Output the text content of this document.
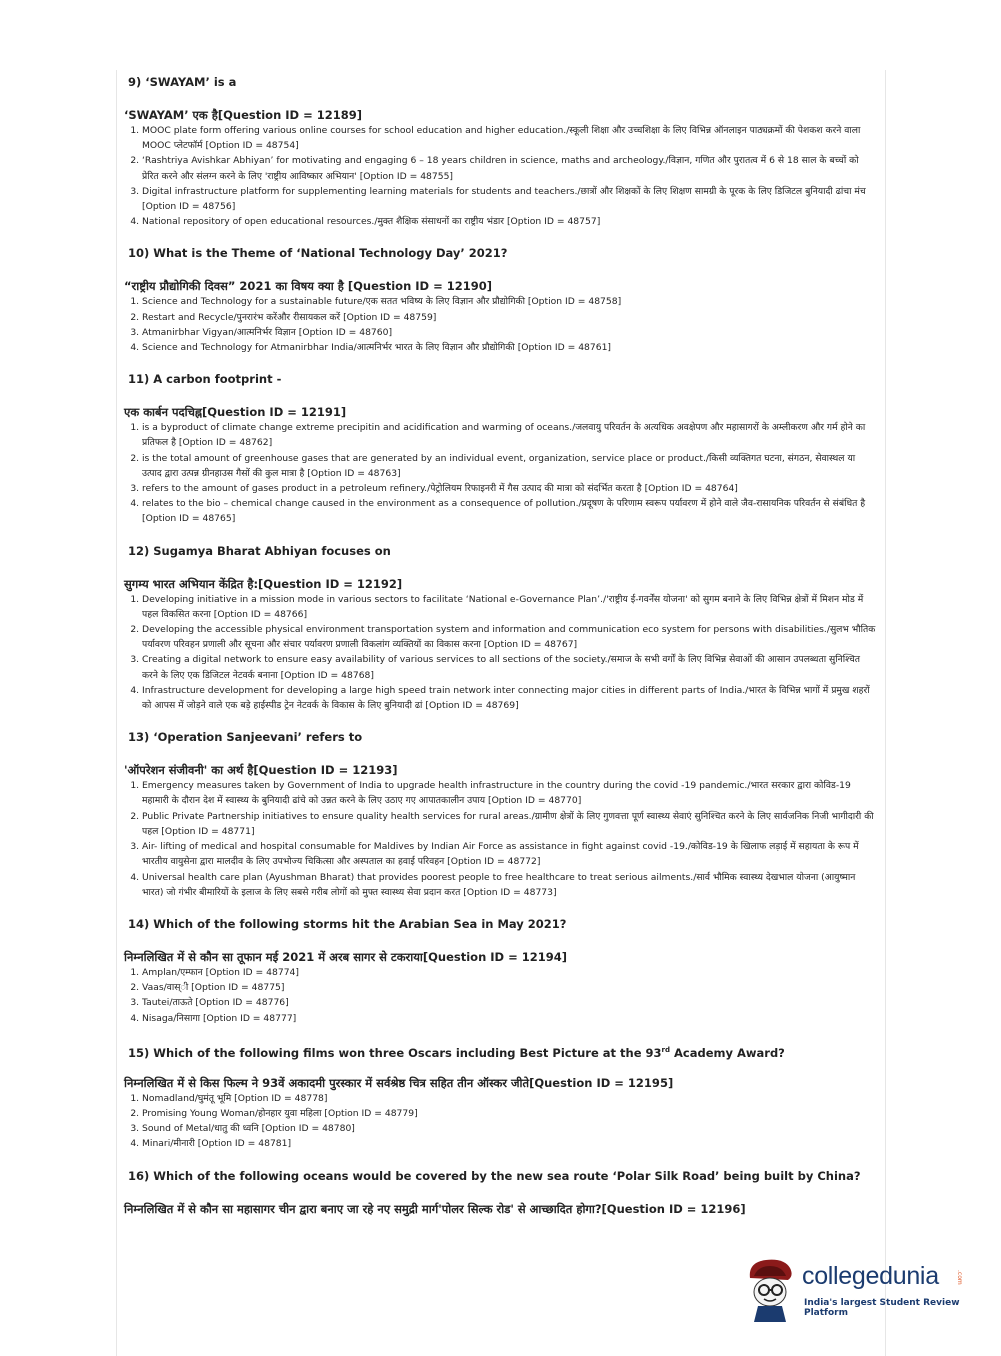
9) ‘SWAYAM’ is a
‘SWAYAM’ एक है[Question ID = 12189]
1. MOOC plate form offering various online courses for school education and higher education./स्कूली शिक्षा और उच्चशिक्षा के लिए विभिन्न ऑनलाइन पाठ्यक्रमों की पेशकश करने वाला MOOC प्लेटफॉर्म [Option ID = 48754]
2. ‘Rashtriya Avishkar Abhiyan’ for motivating and engaging 6 – 18 years children in science, maths and archeology./विज्ञान, गणित और पुरातत्व में 6 से 18 साल के बच्चों को प्रेरित करने और संलग्न करने के लिए 'राष्ट्रीय आविष्कार अभियान' [Option ID = 48755]
3. Digital infrastructure platform for supplementing learning materials for students and teachers./छात्रों और शिक्षकों के लिए शिक्षण सामग्री के पूरक के लिए डिजिटल बुनियादी ढांचा मंच [Option ID = 48756]
4. National repository of open educational resources./मुक्त शैक्षिक संसाधनों का राष्ट्रीय भंडार [Option ID = 48757]
10) What is the Theme of ‘National Technology Day’ 2021?
“राष्ट्रीय प्रौद्योगिकी दिवस” 2021 का विषय क्या है [Question ID = 12190]
1. Science and Technology for a sustainable future/एक सतत भविष्य के लिए विज्ञान और प्रौद्योगिकी [Option ID = 48758]
2. Restart and Recycle/पुनरारंभ करेंऔर रीसायकल करें [Option ID = 48759]
3. Atmanirbhar Vigyan/आत्मनिर्भर विज्ञान [Option ID = 48760]
4. Science and Technology for Atmanirbhar India/आत्मनिर्भर भारत के लिए विज्ञान और प्रौद्योगिकी [Option ID = 48761]
11) A carbon footprint -
एक कार्बन पदचिह्न[Question ID = 12191]
1. is a byproduct of climate change extreme precipitin and acidification and warming of oceans./जलवायु परिवर्तन के अत्यधिक अवक्षेपण और महासागरों के अम्लीकरण और गर्म होने का प्रतिफल है [Option ID = 48762]
2. is the total amount of greenhouse gases that are generated by an individual event, organization, service place or product./किसी व्यक्तिगत घटना, संगठन, सेवास्थल या उत्पाद द्वारा उत्पन्न ग्रीनहाउस गैसों की कुल मात्रा है [Option ID = 48763]
3. refers to the amount of gases product in a petroleum refinery./पेट्रोलियम रिफाइनरी में गैस उत्पाद की मात्रा को संदर्भित करता है [Option ID = 48764]
4. relates to the bio – chemical change caused in the environment as a consequence of pollution./प्रदूषण के परिणाम स्वरूप पर्यावरण में होने वाले जैव-रासायनिक परिवर्तन से संबंधित है [Option ID = 48765]
12) Sugamya Bharat Abhiyan focuses on
सुगम्य भारत अभियान केंद्रित है:[Question ID = 12192]
1. Developing initiative in a mission mode in various sectors to facilitate ‘National e-Governance Plan’./'राष्ट्रीय ई-गवर्नेंस योजना' को सुगम बनाने के लिए विभिन्न क्षेत्रों में मिशन मोड में पहल विकसित करना [Option ID = 48766]
2. Developing the accessible physical environment transportation system and information and communication eco system for persons with disabilities./सुलभ भौतिक पर्यावरण परिवहन प्रणाली और सूचना और संचार पर्यावरण प्रणाली विकलांग व्यक्तियों का विकास करना [Option ID = 48767]
3. Creating a digital network to ensure easy availability of various services to all sections of the society./समाज के सभी वर्गों के लिए विभिन्न सेवाओं की आसान उपलब्धता सुनिश्चित करने के लिए एक डिजिटल नेटवर्क बनाना [Option ID = 48768]
4. Infrastructure development for developing a large high speed train network inter connecting major cities in different parts of India./भारत के विभिन्न भागों में प्रमुख शहरों को आपस में जोड़ने वाले एक बड़े हाईस्पीड ट्रेन नेटवर्क के विकास के लिए बुनियादी ढां [Option ID = 48769]
13) ‘Operation Sanjeevani’ refers to
'ऑपरेशन संजीवनी' का अर्थ है[Question ID = 12193]
1. Emergency measures taken by Government of India to upgrade health infrastructure in the country during the covid -19 pandemic./भारत सरकार द्वारा कोविड-19 महामारी के दौरान देश में स्वास्थ्य के बुनियादी ढांचे को उन्नत करने के लिए उठाए गए आपातकालीन उपाय [Option ID = 48770]
2. Public Private Partnership initiatives to ensure quality health services for rural areas./ग्रामीण क्षेत्रों के लिए गुणवत्ता पूर्ण स्वास्थ्य सेवाएं सुनिश्चित करने के लिए सार्वजनिक निजी भागीदारी की पहल [Option ID = 48771]
3. Air- lifting of medical and hospital consumable for Maldives by Indian Air Force as assistance in fight against covid -19./कोविड-19 के खिलाफ लड़ाई में सहायता के रूप में भारतीय वायुसेना द्वारा मालदीव के लिए उपभोज्य चिकित्सा और अस्पताल का हवाई परिवहन [Option ID = 48772]
4. Universal health care plan (Ayushman Bharat) that provides poorest people to free healthcare to treat serious ailments./सार्व भौमिक स्वास्थ्य देखभाल योजना (आयुष्मान भारत) जो गंभीर बीमारियों के इलाज के लिए सबसे गरीब लोगों को मुफ्त स्वास्थ्य सेवा प्रदान करत [Option ID = 48773]
14) Which of the following storms hit the Arabian Sea in May 2021?
निम्नलिखित में से कौन सा तूफान मई 2021 में अरब सागर से टकराया[Question ID = 12194]
1. Amplan/एम्फान [Option ID = 48774]
2. Vaas/वास्ी [Option ID = 48775]
3. Tautei/ताऊते [Option ID = 48776]
4. Nisaga/निसागा [Option ID = 48777]
15) Which of the following films won three Oscars including Best Picture at the 93rd Academy Award?
निम्नलिखित में से किस फिल्म ने 93वें अकादमी पुरस्कार में सर्वश्रेष्ठ चित्र सहित तीन ऑस्कर जीते[Question ID = 12195]
1. Nomadland/घुमंतू भूमि [Option ID = 48778]
2. Promising Young Woman/होनहार युवा महिला [Option ID = 48779]
3. Sound of Metal/धातु की ध्वनि [Option ID = 48780]
4. Minari/मीनारी [Option ID = 48781]
16) Which of the following oceans would be covered by the new sea route ‘Polar Silk Road’ being built by China?
निम्नलिखित में से कौन सा महासागर चीन द्वारा बनाए जा रहे नए समुद्री मार्ग'पोलर सिल्क रोड' से आच्छादित होगा?[Question ID = 12196]
collegedunia	.com
India's largest Student Review Platform
